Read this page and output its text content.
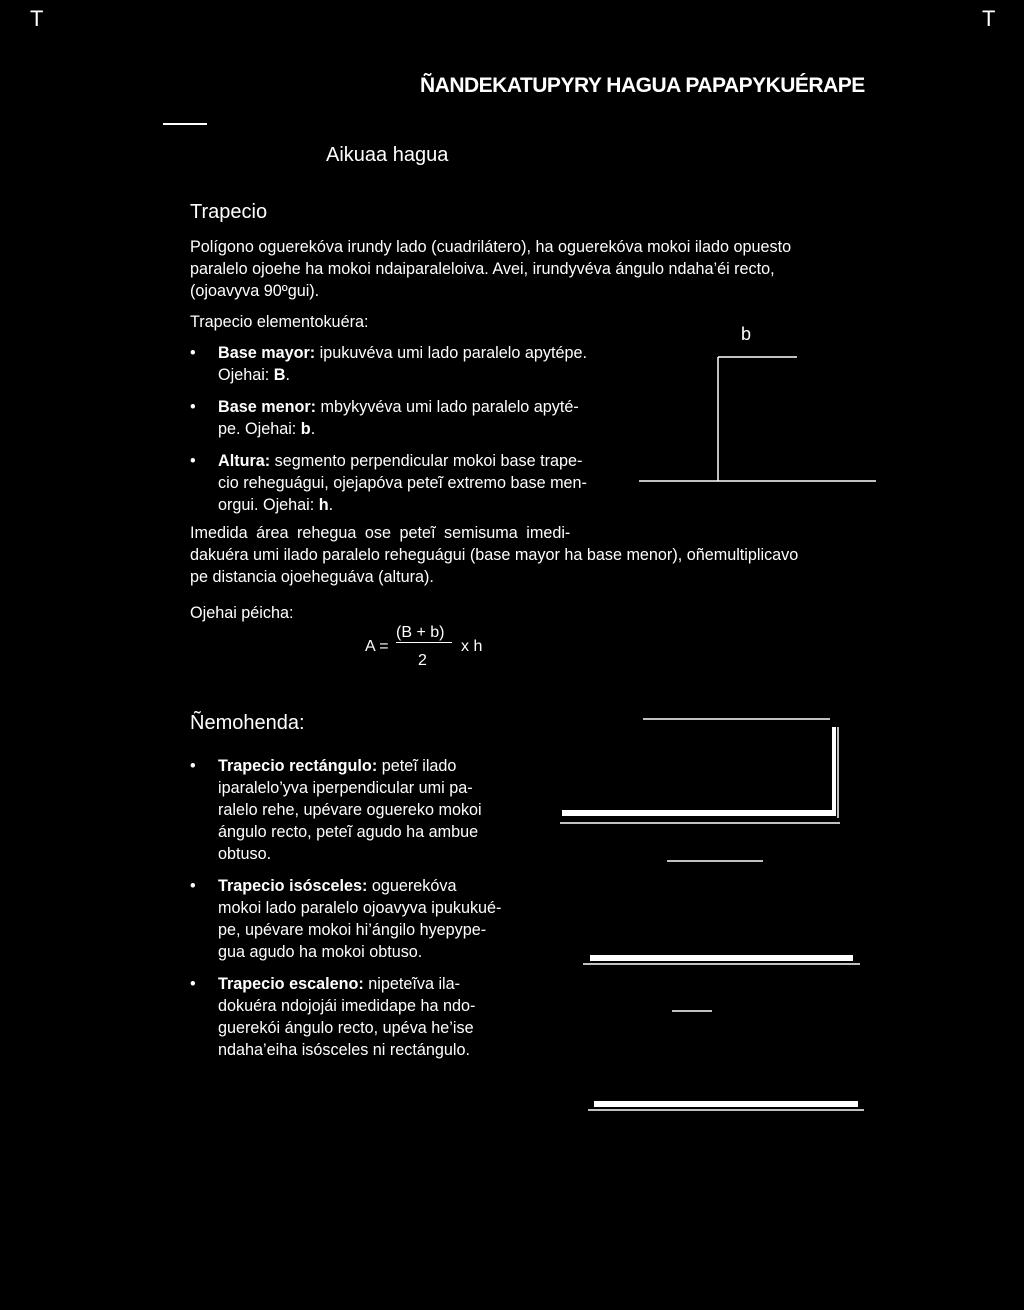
T	T
ÑANDEKATUPYRY HAGUA PAPAPYKUÉRAPE
Aikuaa hagua
Trapecio
Polígono oguerekóva irundy lado (cuadrilátero), ha oguerekóva mokoi ilado opuesto
paralelo ojoehe ha mokoi ndaiparaleloiva. Avei, irundyvéva ángulo ndaha’éi recto,
(ojoavyva 90ºgui).
Trapecio elementokuéra:
• Base mayor: ipukuvéva umi lado paralelo apytépe.
Ojehai: B.
• Base menor: mbykyvéva umi lado paralelo apyté-
pe. Ojehai: b.
• Altura: segmento perpendicular mokoi base trape-
cio reheguágui, ojejapóva peteĩ extremo base men-
orgui. Ojehai: h.
b
Imedida área rehegua ose peteĩ semisuma imedi-
dakuéra umi ilado paralelo reheguágui (base mayor ha base menor), oñemultiplicavo
pe distancia ojoeheguáva (altura).
Ojehai péicha:
A =
(B + b)
2
x h
Ñemohenda:
• Trapecio rectángulo: peteĩ ilado
iparalelo’yva iperpendicular umi pa-
ralelo rehe, upévare oguereko mokoi
ángulo recto, peteĩ agudo ha ambue
obtuso.
• Trapecio isósceles: oguerekóva
mokoi lado paralelo ojoavyva ipukukué-
pe, upévare mokoi hi’ángilo hyepype-
gua agudo ha mokoi obtuso.
• Trapecio escaleno: nipeteĩva ila-
dokuéra ndojojái imedidape ha ndo-
guerekói ángulo recto, upéva he’ise
ndaha’eiha isósceles ni rectángulo.
